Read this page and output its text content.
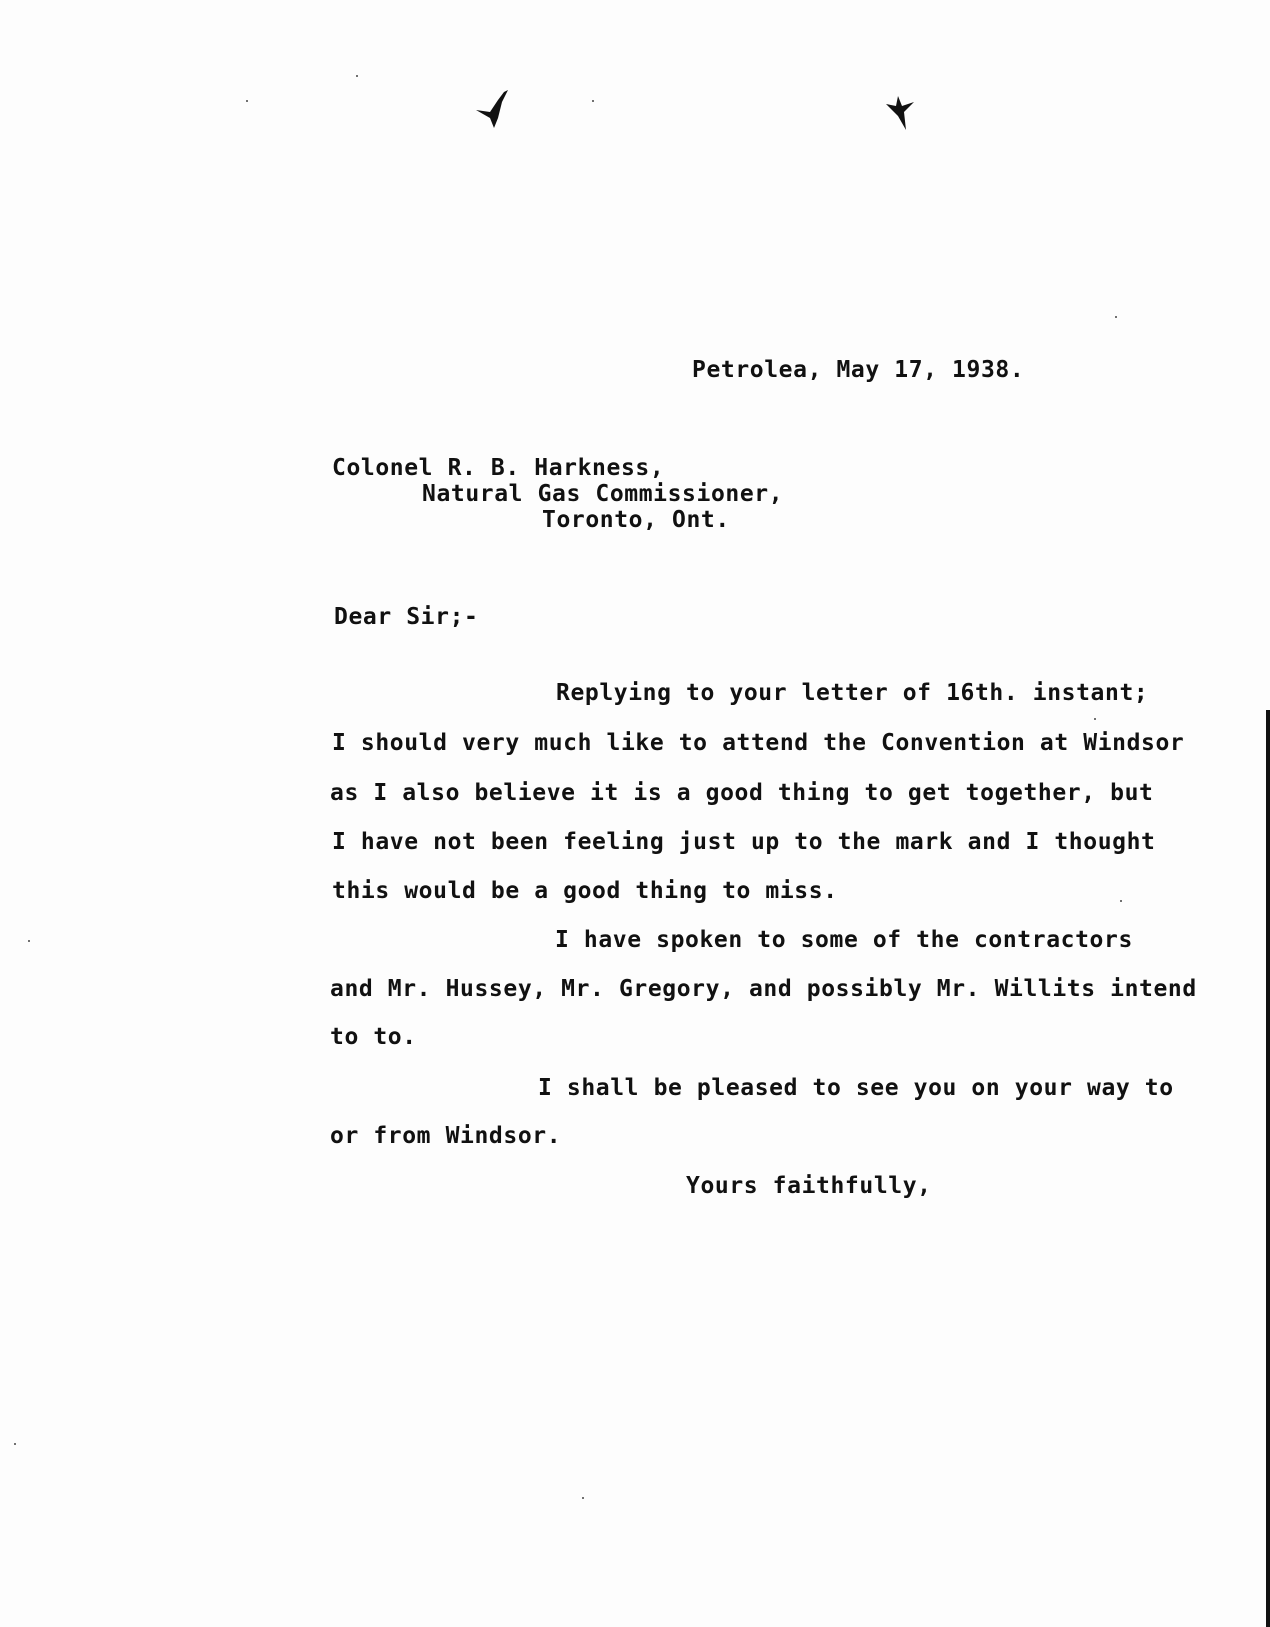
Petrolea, May 17, 1938.
Colonel R. B. Harkness,
Natural Gas Commissioner,
Toronto, Ont.
Dear Sir;-
Replying to your letter of 16th. instant;
I should very much like to attend the Convention at Windsor
as I also believe it is a good thing to get together, but
I have not been feeling just up to the mark and I thought
this would be a good thing to miss.
I have spoken to some of the contractors
and Mr. Hussey, Mr. Gregory, and possibly Mr. Willits intend
to to.
I shall be pleased to see you on your way to
or from Windsor.
Yours faithfully,
